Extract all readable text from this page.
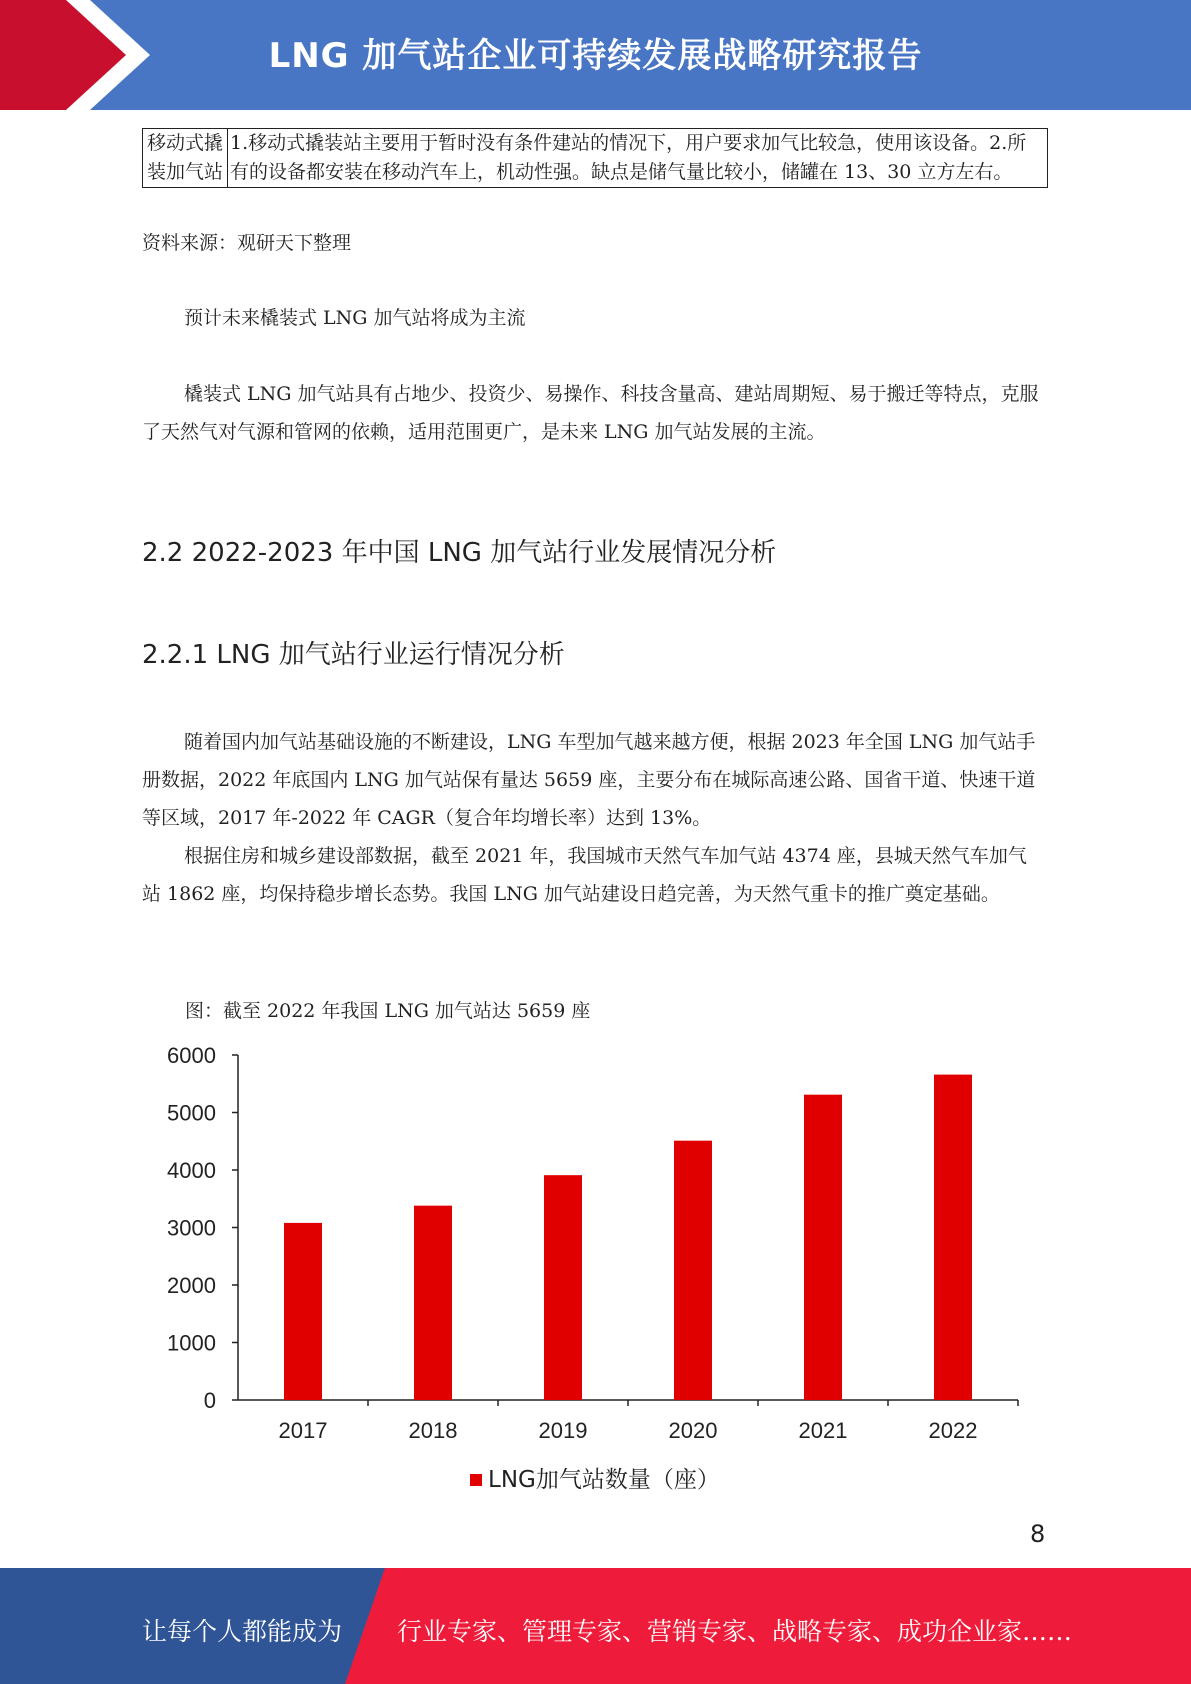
LNG 加气站企业可持续发展战略研究报告
移动式撬装加气站	1.移动式撬装站主要用于暂时没有条件建站的情况下，用户要求加气比较急，使用该设备。2.所有的设备都安装在移动汽车上，机动性强。缺点是储气量比较小，储罐在 13、30 立方左右。
资料来源：观研天下整理
预计未来橇装式 LNG 加气站将成为主流
橇装式 LNG 加气站具有占地少、投资少、易操作、科技含量高、建站周期短、易于搬迁等特点，克服了天然气对气源和管网的依赖，适用范围更广，是未来 LNG 加气站发展的主流。
2.2 2022-2023 年中国 LNG 加气站行业发展情况分析
2.2.1 LNG 加气站行业运行情况分析
随着国内加气站基础设施的不断建设，LNG 车型加气越来越方便，根据 2023 年全国 LNG 加气站手册数据，2022 年底国内 LNG 加气站保有量达 5659 座，主要分布在城际高速公路、国省干道、快速干道等区域，2017 年-2022 年 CAGR（复合年均增长率）达到 13%。
根据住房和城乡建设部数据，截至 2021 年，我国城市天然气车加气站 4374 座，县城天然气车加气站 1862 座，均保持稳步增长态势。我国 LNG 加气站建设日趋完善，为天然气重卡的推广奠定基础。
图：截至 2022 年我国 LNG 加气站达 5659 座
0
1000
2000
3000
4000
5000
6000
2017	2018	2019	2020	2021	2022
LNG加气站数量（座）
8
让每个人都能成为 行业专家、管理专家、营销专家、战略专家、成功企业家……
